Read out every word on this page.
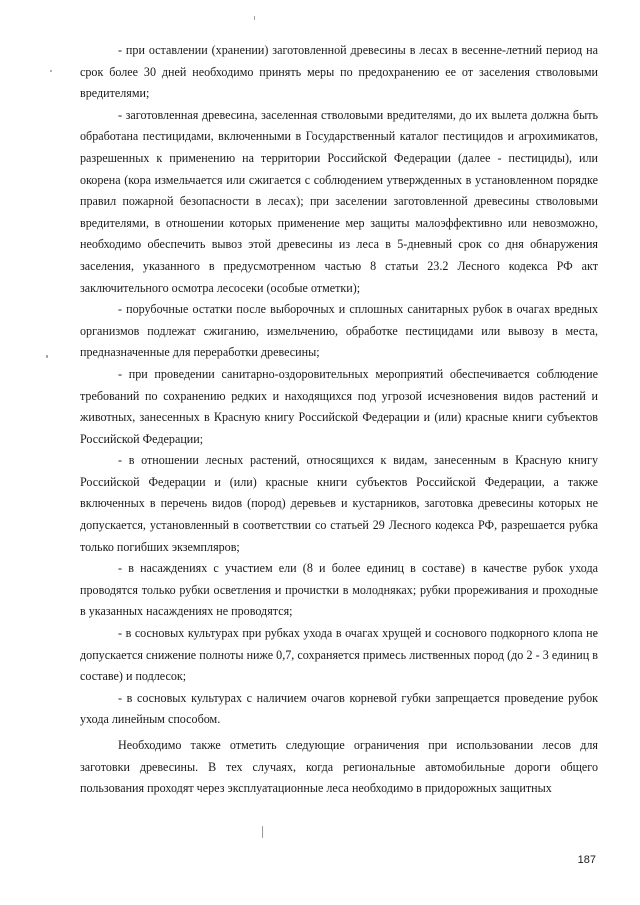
- при оставлении (хранении) заготовленной древесины в лесах в весенне-летний период на срок более 30 дней необходимо принять меры по предохранению ее от заселения стволовыми вредителями;

- заготовленная древесина, заселенная стволовыми вредителями, до их вылета должна быть обработана пестицидами, включенными в Государственный каталог пестицидов и агрохимикатов, разрешенных к применению на территории Российской Федерации (далее - пестициды), или окорена (кора измельчается или сжигается с соблюдением утвержденных в установленном порядке правил пожарной безопасности в лесах); при заселении заготовленной древесины стволовыми вредителями, в отношении которых применение мер защиты малоэффективно или невозможно, необходимо обеспечить вывоз этой древесины из леса в 5-дневный срок со дня обнаружения заселения, указанного в предусмотренном частью 8 статьи 23.2 Лесного кодекса РФ акт заключительного осмотра лесосеки (особые отметки);

- порубочные остатки после выборочных и сплошных санитарных рубок в очагах вредных организмов подлежат сжиганию, измельчению, обработке пестицидами или вывозу в места, предназначенные для переработки древесины;

- при проведении санитарно-оздоровительных мероприятий обеспечивается соблюдение требований по сохранению редких и находящихся под угрозой исчезновения видов растений и животных, занесенных в Красную книгу Российской Федерации и (или) красные книги субъектов Российской Федерации;

- в отношении лесных растений, относящихся к видам, занесенным в Красную книгу Российской Федерации и (или) красные книги субъектов Российской Федерации, а также включенных в перечень видов (пород) деревьев и кустарников, заготовка древесины которых не допускается, установленный в соответствии со статьей 29 Лесного кодекса РФ, разрешается рубка только погибших экземпляров;

- в насаждениях с участием ели (8 и более единиц в составе) в качестве рубок ухода проводятся только рубки осветления и прочистки в молодняках; рубки прореживания и проходные в указанных насаждениях не проводятся;

- в сосновых культурах при рубках ухода в очагах хрущей и соснового подкорного клопа не допускается снижение полноты ниже 0,7, сохраняется примесь лиственных пород (до 2 - 3 единиц в составе) и подлесок;

- в сосновых культурах с наличием очагов корневой губки запрещается проведение рубок ухода линейным способом.

Необходимо также отметить следующие ограничения при использовании лесов для заготовки древесины. В тех случаях, когда региональные автомобильные дороги общего пользования проходят через эксплуатационные леса необходимо в придорожных защитных

187
